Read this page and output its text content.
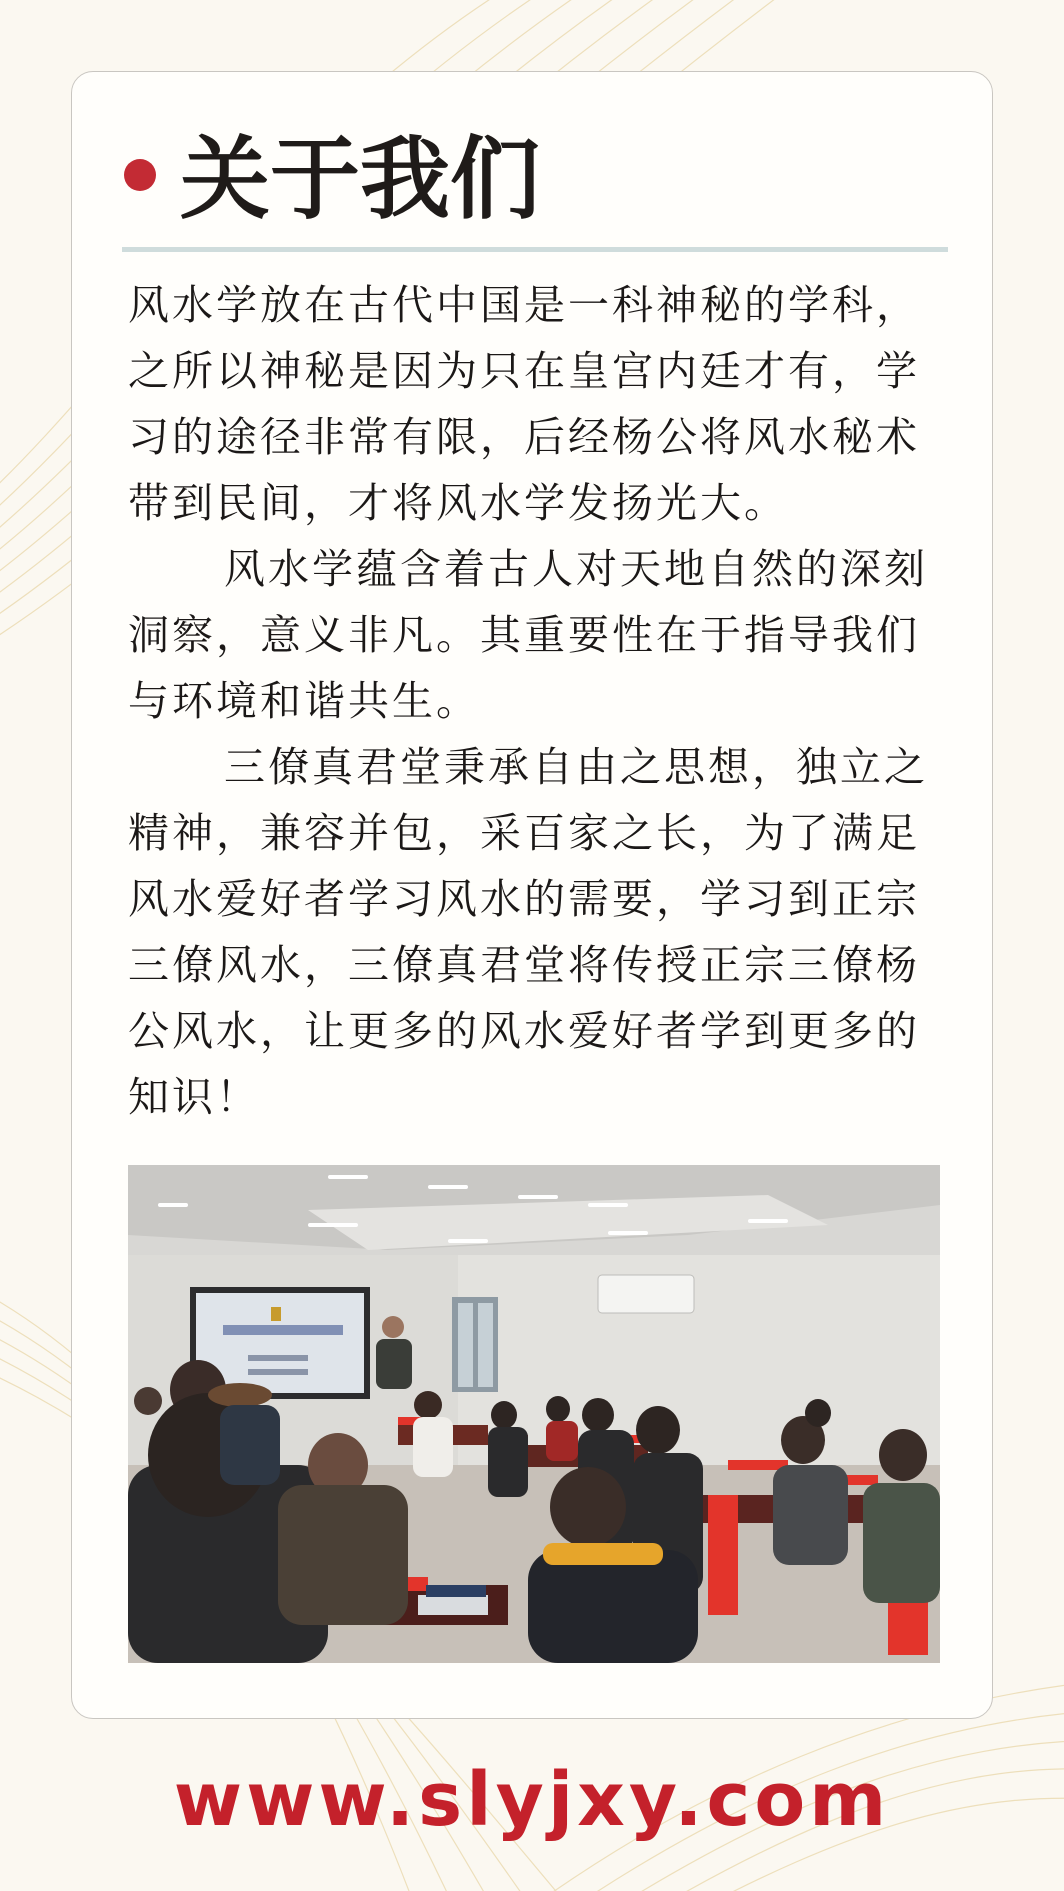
关于我们

风水学放在古代中国是一科神秘的学科，之所以神秘是因为只在皇宫内廷才有，学习的途径非常有限，后经杨公将风水秘术带到民间，才将风水学发扬光大。

风水学蕴含着古人对天地自然的深刻洞察，意义非凡。其重要性在于指导我们与环境和谐共生。

三僚真君堂秉承自由之思想，独立之精神，兼容并包，采百家之长，为了满足风水爱好者学习风水的需要，学习到正宗三僚风水，三僚真君堂将传授正宗三僚杨公风水，让更多的风水爱好者学到更多的知识！

www.slyjxy.com
